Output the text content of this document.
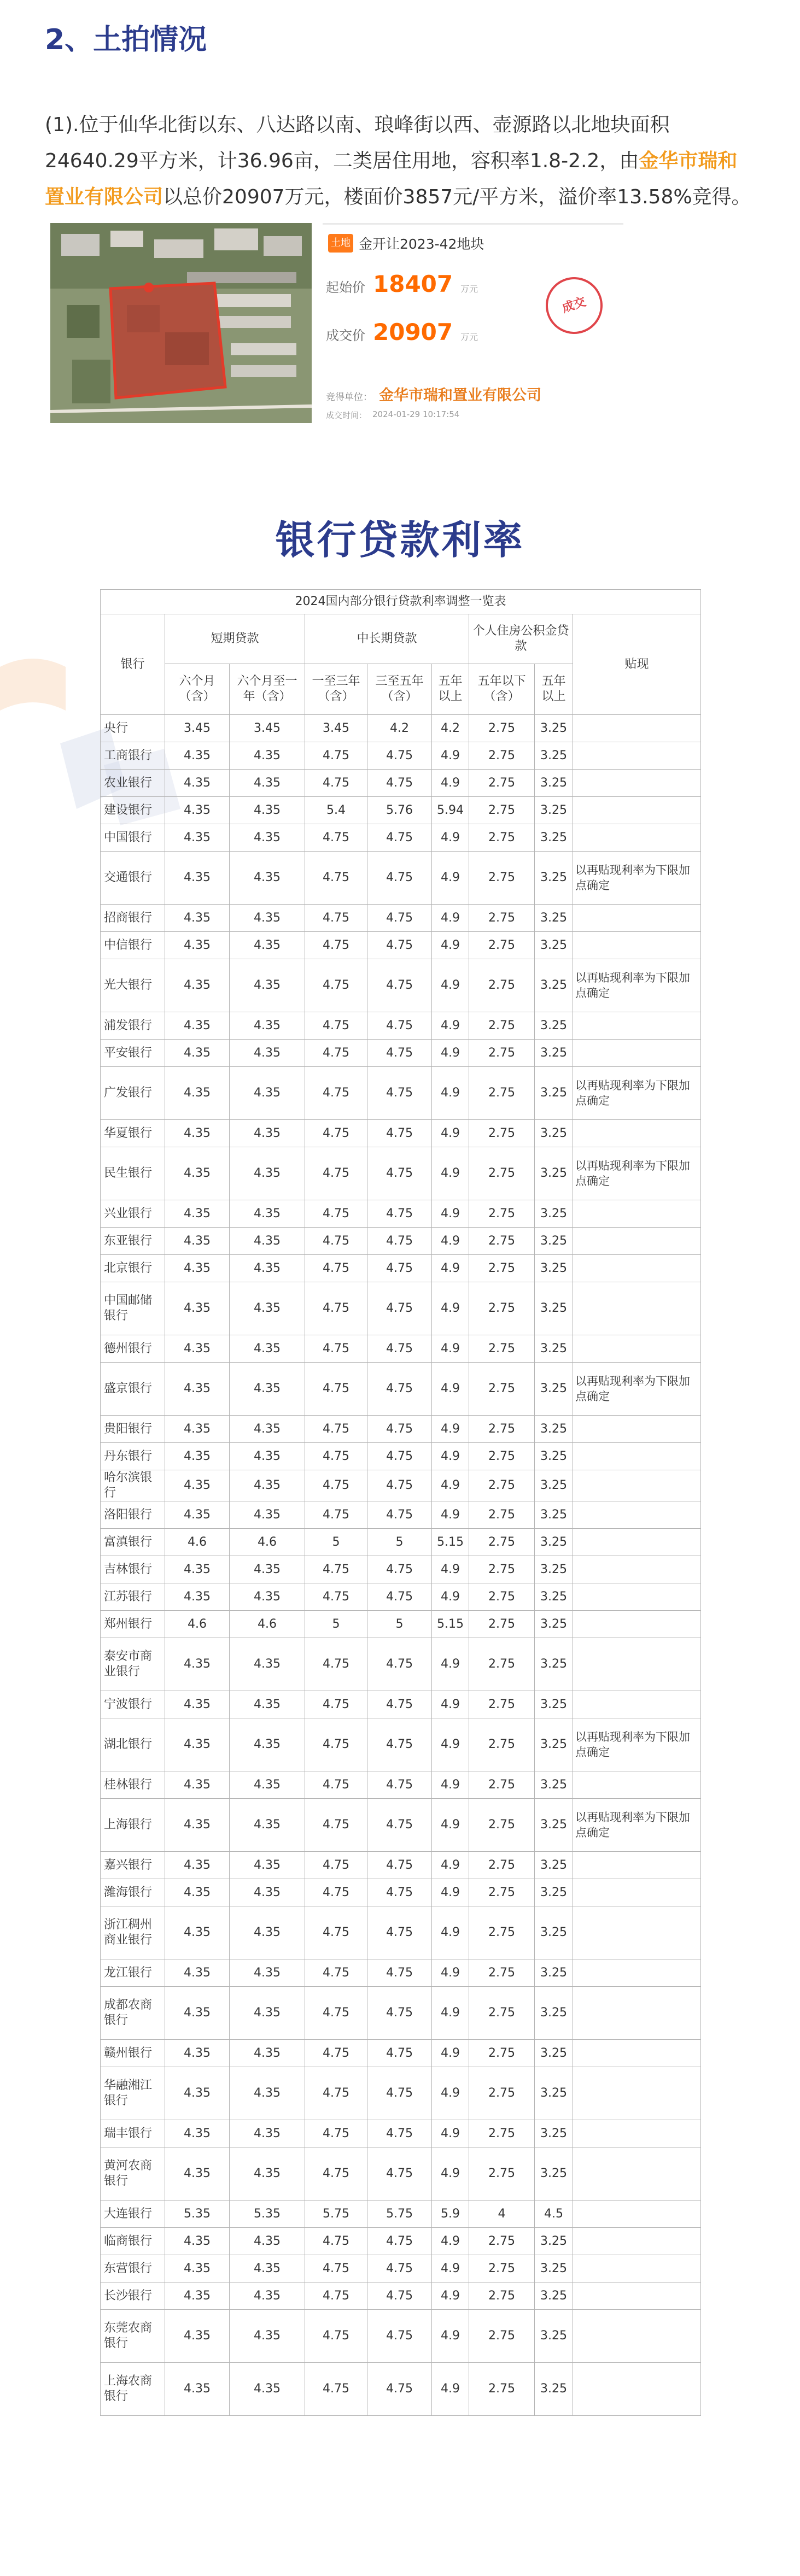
2、土拍情况

(1).位于仙华北街以东、八达路以南、琅峰街以西、壶源路以北地块面积24640.29平方米，计36.96亩，二类居住用地，容积率1.8-2.2，由金华市瑞和置业有限公司以总价20907万元，楼面价3857元/平方米，溢价率13.58%竞得。

土地 金开让2023-42地块
起始价 18407 万元
成交价 20907 万元
成交
竞得单位： 金华市瑞和置业有限公司
成交时间： 2024-01-29 10:17:54
银行贷款利率
2024国内部分银行贷款利率调整一览表								
银行	短期贷款		中长期贷款			个人住房公积金贷款		贴现
	六个月（含）	六个月至一年（含）	一至三年（含）	三至五年（含）	五年以上	五年以下（含）	五年以上	
央行	3.45	3.45	3.45	4.2	4.2	2.75	3.25	
工商银行	4.35	4.35	4.75	4.75	4.9	2.75	3.25	
农业银行	4.35	4.35	4.75	4.75	4.9	2.75	3.25	
建设银行	4.35	4.35	5.4	5.76	5.94	2.75	3.25	
中国银行	4.35	4.35	4.75	4.75	4.9	2.75	3.25	
交通银行	4.35	4.35	4.75	4.75	4.9	2.75	3.25	以再贴现利率为下限加点确定
招商银行	4.35	4.35	4.75	4.75	4.9	2.75	3.25	
中信银行	4.35	4.35	4.75	4.75	4.9	2.75	3.25	
光大银行	4.35	4.35	4.75	4.75	4.9	2.75	3.25	以再贴现利率为下限加点确定
浦发银行	4.35	4.35	4.75	4.75	4.9	2.75	3.25	
平安银行	4.35	4.35	4.75	4.75	4.9	2.75	3.25	
广发银行	4.35	4.35	4.75	4.75	4.9	2.75	3.25	以再贴现利率为下限加点确定
华夏银行	4.35	4.35	4.75	4.75	4.9	2.75	3.25	
民生银行	4.35	4.35	4.75	4.75	4.9	2.75	3.25	以再贴现利率为下限加点确定
兴业银行	4.35	4.35	4.75	4.75	4.9	2.75	3.25	
东亚银行	4.35	4.35	4.75	4.75	4.9	2.75	3.25	
北京银行	4.35	4.35	4.75	4.75	4.9	2.75	3.25	
中国邮储银行	4.35	4.35	4.75	4.75	4.9	2.75	3.25	
德州银行	4.35	4.35	4.75	4.75	4.9	2.75	3.25	
盛京银行	4.35	4.35	4.75	4.75	4.9	2.75	3.25	以再贴现利率为下限加点确定
贵阳银行	4.35	4.35	4.75	4.75	4.9	2.75	3.25	
丹东银行	4.35	4.35	4.75	4.75	4.9	2.75	3.25	
哈尔滨银行	4.35	4.35	4.75	4.75	4.9	2.75	3.25	
洛阳银行	4.35	4.35	4.75	4.75	4.9	2.75	3.25	
富滇银行	4.6	4.6	5	5	5.15	2.75	3.25	
吉林银行	4.35	4.35	4.75	4.75	4.9	2.75	3.25	
江苏银行	4.35	4.35	4.75	4.75	4.9	2.75	3.25	
郑州银行	4.6	4.6	5	5	5.15	2.75	3.25	
泰安市商业银行	4.35	4.35	4.75	4.75	4.9	2.75	3.25	
宁波银行	4.35	4.35	4.75	4.75	4.9	2.75	3.25	
湖北银行	4.35	4.35	4.75	4.75	4.9	2.75	3.25	以再贴现利率为下限加点确定
桂林银行	4.35	4.35	4.75	4.75	4.9	2.75	3.25	
上海银行	4.35	4.35	4.75	4.75	4.9	2.75	3.25	以再贴现利率为下限加点确定
嘉兴银行	4.35	4.35	4.75	4.75	4.9	2.75	3.25	
潍海银行	4.35	4.35	4.75	4.75	4.9	2.75	3.25	
浙江稠州商业银行	4.35	4.35	4.75	4.75	4.9	2.75	3.25	
龙江银行	4.35	4.35	4.75	4.75	4.9	2.75	3.25	
成都农商银行	4.35	4.35	4.75	4.75	4.9	2.75	3.25	
赣州银行	4.35	4.35	4.75	4.75	4.9	2.75	3.25	
华融湘江银行	4.35	4.35	4.75	4.75	4.9	2.75	3.25	
瑞丰银行	4.35	4.35	4.75	4.75	4.9	2.75	3.25	
黄河农商银行	4.35	4.35	4.75	4.75	4.9	2.75	3.25	
大连银行	5.35	5.35	5.75	5.75	5.9	4	4.5	
临商银行	4.35	4.35	4.75	4.75	4.9	2.75	3.25	
东营银行	4.35	4.35	4.75	4.75	4.9	2.75	3.25	
长沙银行	4.35	4.35	4.75	4.75	4.9	2.75	3.25	
东莞农商银行	4.35	4.35	4.75	4.75	4.9	2.75	3.25	
上海农商银行	4.35	4.35	4.75	4.75	4.9	2.75	3.25	
